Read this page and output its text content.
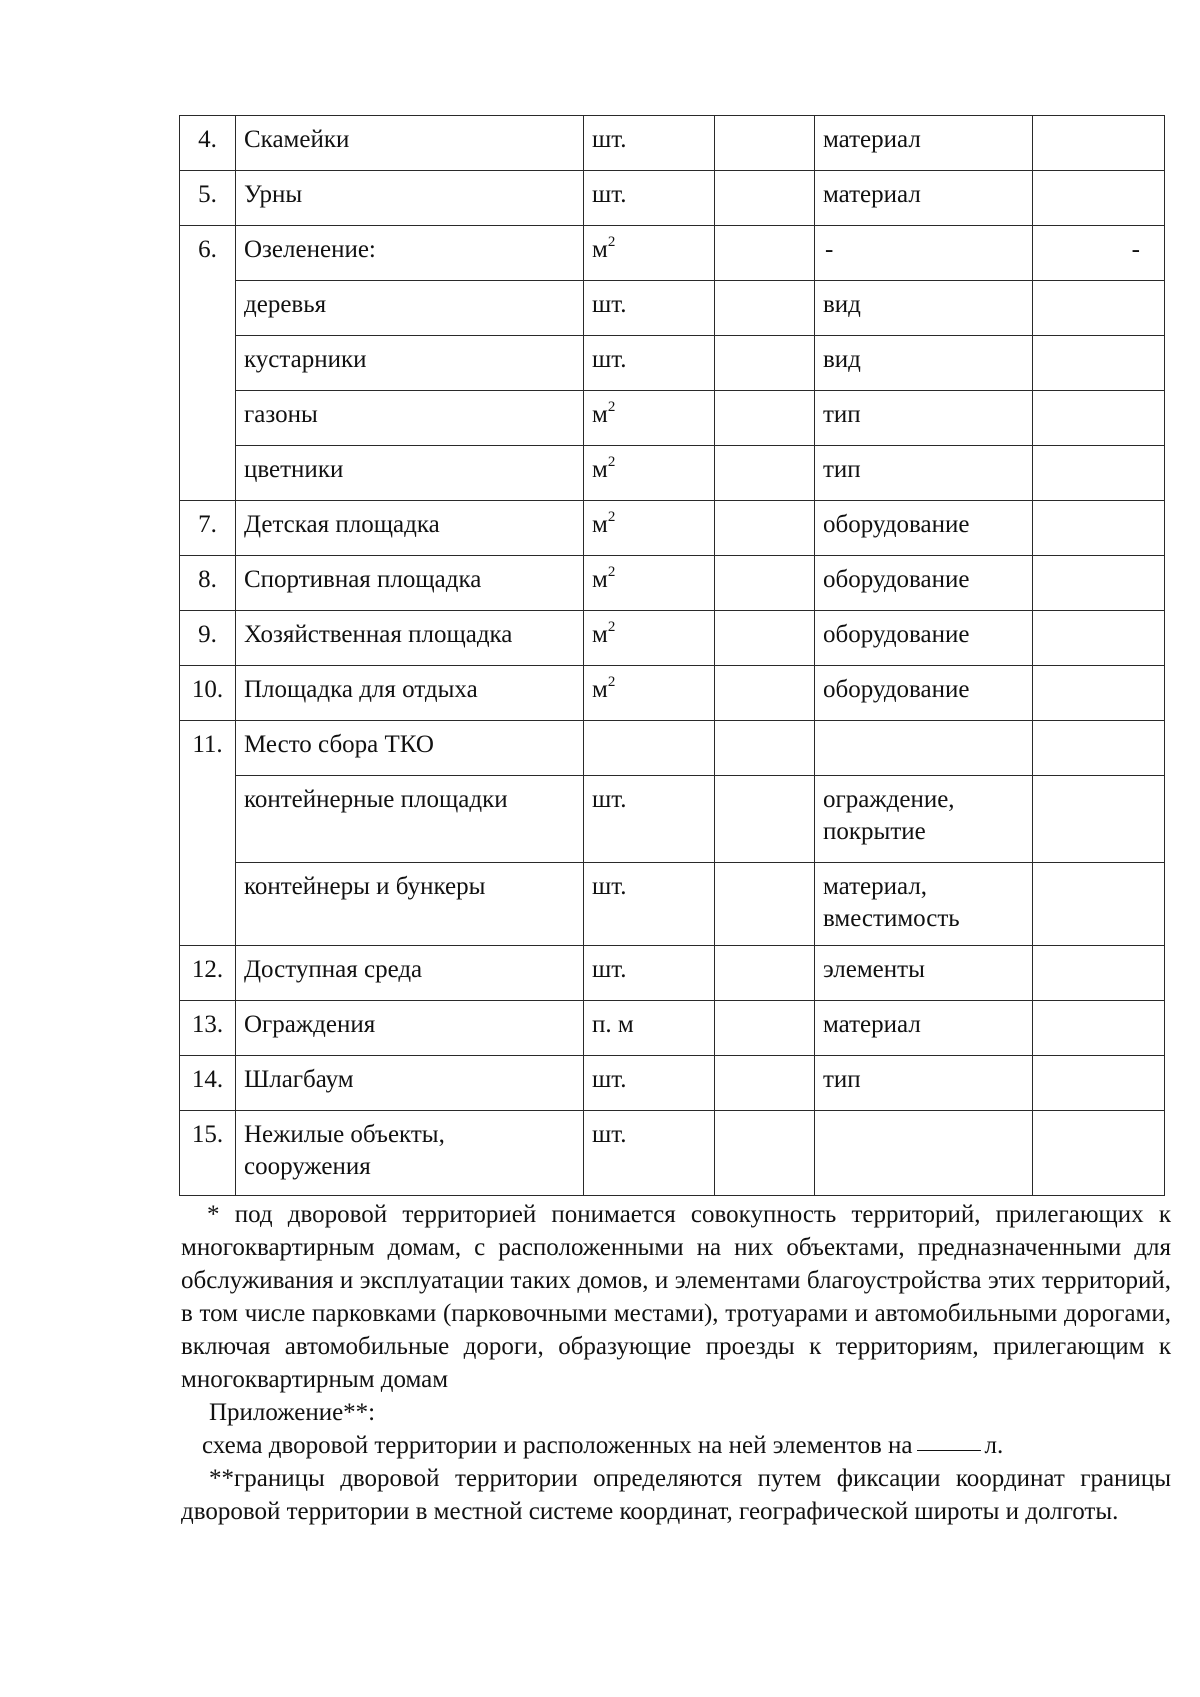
4.	Скамейки	шт.		материал	
5.	Урны	шт.		материал	
6.	Озеленение:	$м^2$		-	-
	деревья	шт.		вид	
	кустарники	шт.		вид	
	газоны	$м^2$		тип	
	цветники	$м^2$		тип	
7.	Детская площадка	$м^2$		оборудование	
8.	Спортивная площадка	$м^2$		оборудование	
9.	Хозяйственная площадка	$м^2$		оборудование	
10.	Площадка для отдыха	$м^2$		оборудование	
11.	Место сбора ТКО				
	контейнерные площадки	шт.		ограждение,
покрытие	

	контейнеры и бункеры	шт.		материал,
вместимость	

12.	Доступная среда	шт.		элементы	
13.	Ограждения	п. м		материал	
14.	Шлагбаум	шт.		тип	
15.	Нежилые объекты,
сооружения	шт.			

* под дворовой территорией понимается совокупность территорий, прилегающих к многоквартирным домам, с расположенными на них объектами, предназначенными для обслуживания и эксплуатации таких домов, и элементами благоустройства этих территорий, в том числе парковками (парковочными местами), тротуарами и автомобильными дорогами, включая автомобильные дороги, образующие проезды к территориям, прилегающим к многоквартирным домам

Приложение**:

схема дворовой территории и расположенных на ней элементов на	л.

**границы дворовой территории определяются путем фиксации координат границы дворовой территории в местной системе координат, географической широты и долготы.
